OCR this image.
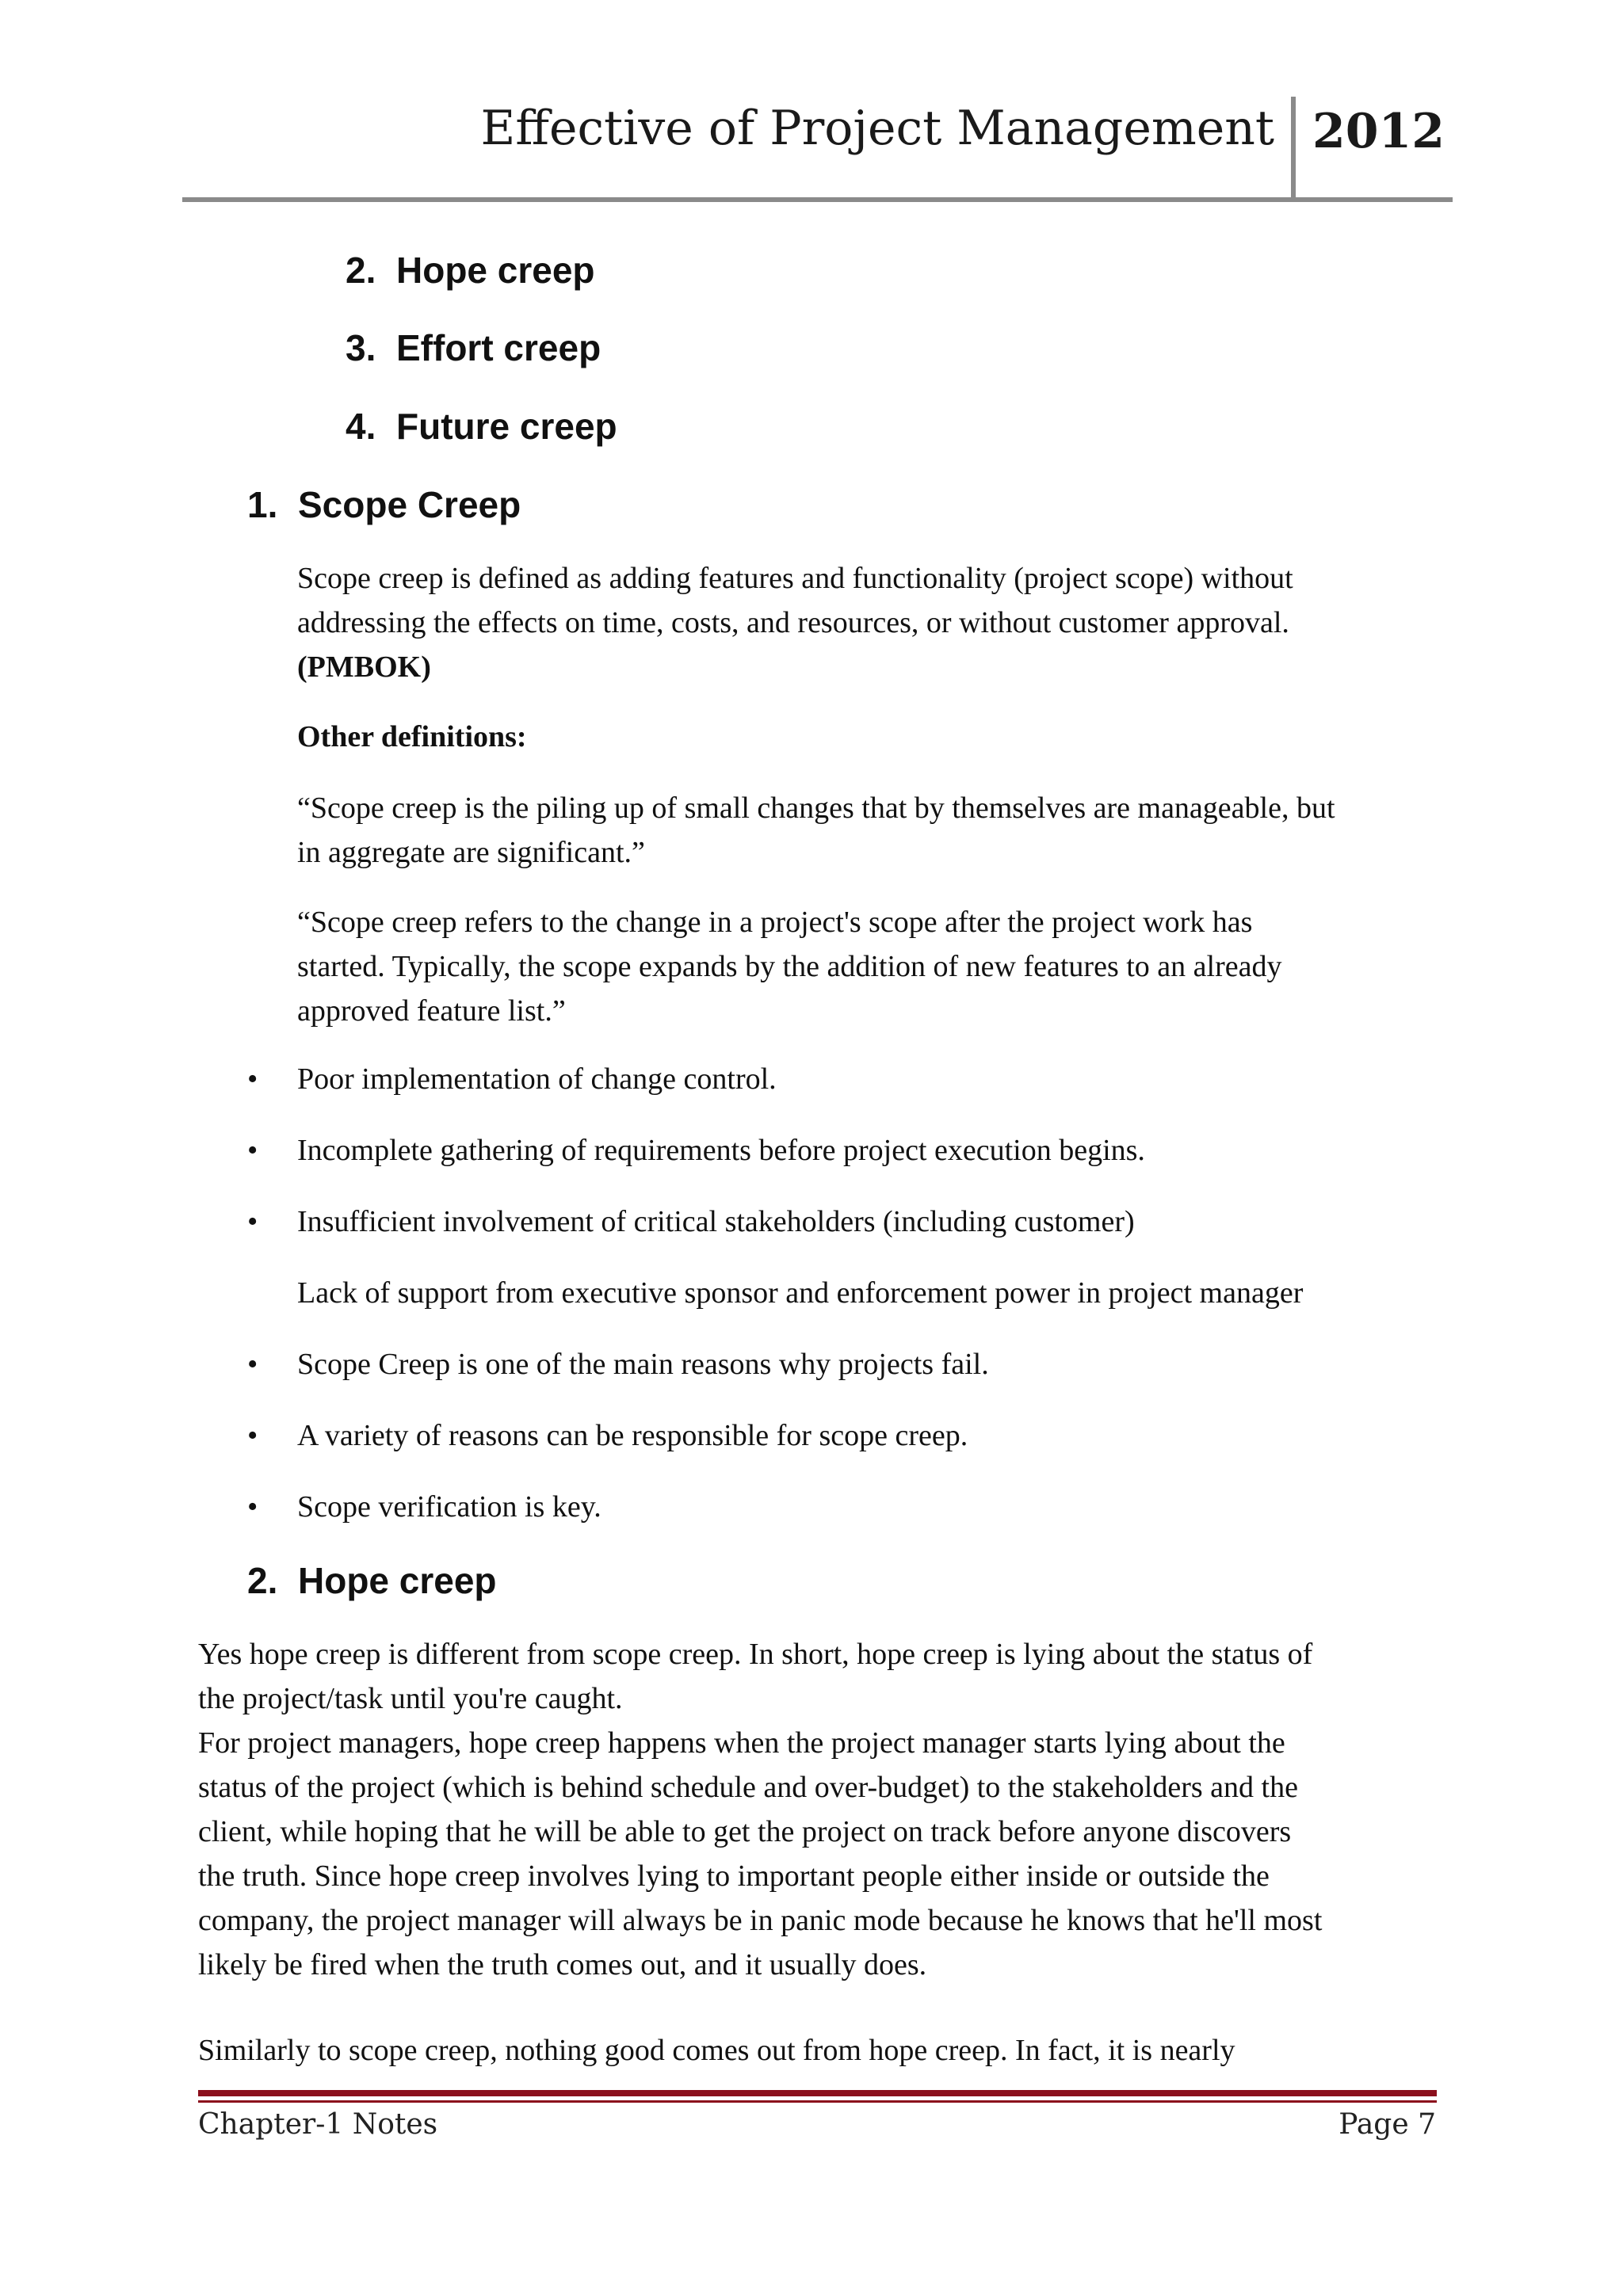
Effective of Project Management 2012
2. Hope creep
3. Effort creep
4. Future creep
1. Scope Creep
Scope creep is defined as adding features and functionality (project scope) without
addressing the effects on time, costs, and resources, or without customer approval.
(PMBOK)
Other definitions:
“Scope creep is the piling up of small changes that by themselves are manageable, but
in aggregate are significant.”
“Scope creep refers to the change in a project's scope after the project work has
started. Typically, the scope expands by the addition of new features to an already
approved feature list.”
• Poor implementation of change control.
• Incomplete gathering of requirements before project execution begins.
• Insufficient involvement of critical stakeholders (including customer)
Lack of support from executive sponsor and enforcement power in project manager
• Scope Creep is one of the main reasons why projects fail.
• A variety of reasons can be responsible for scope creep.
• Scope verification is key.
2. Hope creep
Yes hope creep is different from scope creep. In short, hope creep is lying about the status of
the project/task until you're caught.
For project managers, hope creep happens when the project manager starts lying about the
status of the project (which is behind schedule and over-budget) to the stakeholders and the
client, while hoping that he will be able to get the project on track before anyone discovers
the truth. Since hope creep involves lying to important people either inside or outside the
company, the project manager will always be in panic mode because he knows that he'll most
likely be fired when the truth comes out, and it usually does.
Similarly to scope creep, nothing good comes out from hope creep. In fact, it is nearly
Chapter-1 Notes	Page 7
